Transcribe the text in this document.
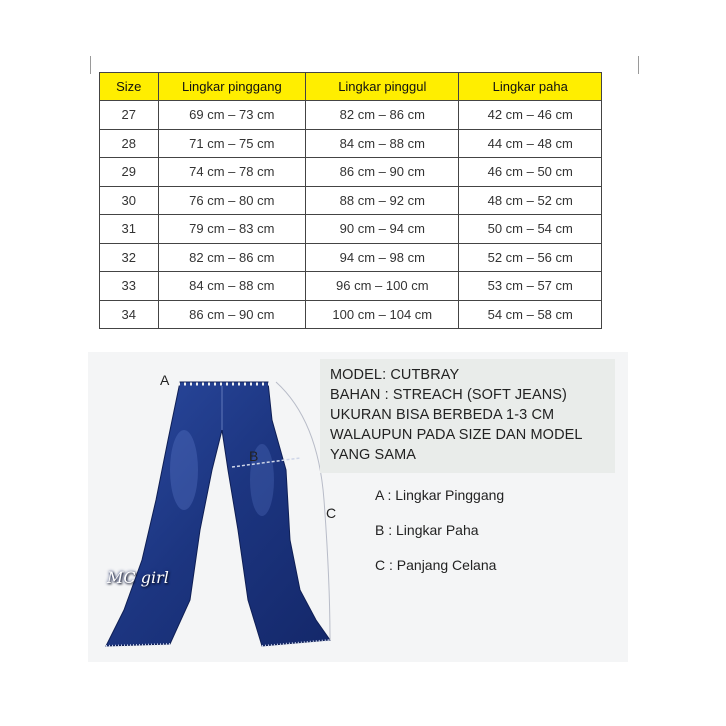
Size	Lingkar pinggang	Lingkar pinggul	Lingkar paha
27	69 cm – 73 cm	82 cm – 86 cm	42 cm – 46 cm
28	71 cm – 75 cm	84 cm – 88 cm	44 cm – 48 cm
29	74 cm – 78 cm	86 cm – 90 cm	46 cm – 50 cm
30	76 cm – 80 cm	88 cm – 92 cm	48 cm – 52 cm
31	79 cm – 83 cm	90 cm – 94 cm	50 cm – 54 cm
32	82 cm – 86 cm	94 cm – 98 cm	52 cm – 56 cm
33	84 cm – 88 cm	96 cm – 100 cm	53 cm – 57 cm
34	86 cm – 90 cm	100 cm – 104 cm	54 cm – 58 cm
A
B
C
MC girl
MODEL: CUTBRAY
BAHAN : STREACH (SOFT JEANS)
UKURAN BISA BERBEDA 1-3 CM
WALAUPUN PADA SIZE DAN MODEL
YANG SAMA
A : Lingkar Pinggang
B : Lingkar Paha
C : Panjang Celana
